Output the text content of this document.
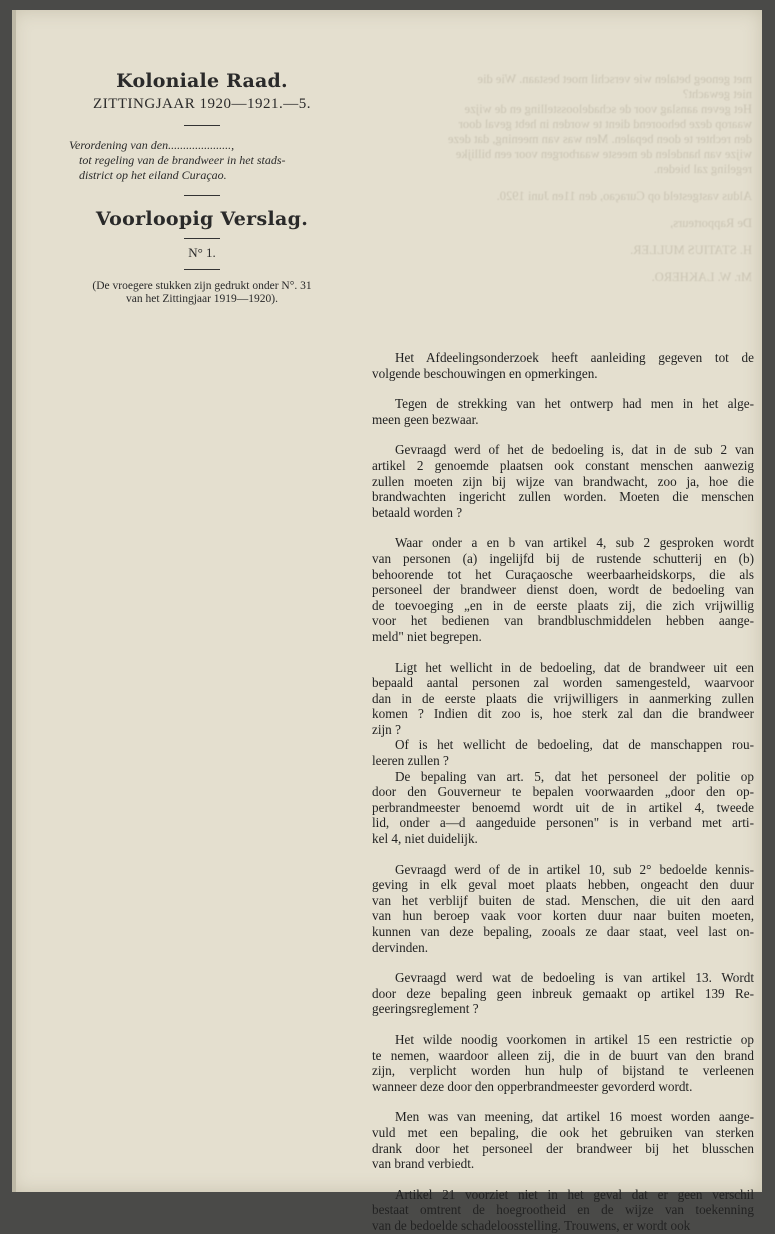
met genoeg betalen wie verschil moet bestaan. Wie die
niet gewacht?
Het geven aanslag voor de schadeloosstelling en de wijze
waarop deze behoorend dient te worden in hebt geval door
den rechter te doen bepalen. Men was van meening, dat deze
wijze van handelen de meeste waarborgen voor een billijke
regeling zal bieden.
Aldus vastgesteld op Curaçao, den 11en Juni 1920.
De Rapporteurs,
H. STATIUS MULLER.
Mr. W. LAKHERO.
Koloniale Raad.
ZITTINGJAAR 1920—1921.—5.
Verordening van den.....................,
tot regeling van de brandweer in het stads-
district op het eiland Curaçao.
Voorloopig Verslag.
N° 1.
(De vroegere stukken zijn gedrukt onder N°. 31
van het Zittingjaar 1919—1920).

Het Afdeelingsonderzoek heeft aanleiding gegeven tot de
volgende beschouwingen en opmerkingen.

Tegen de strekking van het ontwerp had men in het alge-
meen geen bezwaar.

Gevraagd werd of het de bedoeling is, dat in de sub 2 van
artikel 2 genoemde plaatsen ook constant menschen aanwezig
zullen moeten zijn bij wijze van brandwacht, zoo ja, hoe die
brandwachten ingericht zullen worden. Moeten die menschen
betaald worden ?

Waar onder a en b van artikel 4, sub 2 gesproken wordt
van personen (a) ingelijfd bij de rustende schutterij en (b)
behoorende tot het Curaçaosche weerbaarheidskorps, die als
personeel der brandweer dienst doen, wordt de bedoeling van
de toevoeging „en in de eerste plaats zij, die zich vrijwillig
voor het bedienen van brandbluschmiddelen hebben aange-
meld" niet begrepen.

Ligt het wellicht in de bedoeling, dat de brandweer uit een
bepaald aantal personen zal worden samengesteld, waarvoor
dan in de eerste plaats die vrijwilligers in aanmerking zullen
komen ? Indien dit zoo is, hoe sterk zal dan die brandweer
zijn ?

Of is het wellicht de bedoeling, dat de manschappen rou-
leeren zullen ?

De bepaling van art. 5, dat het personeel der politie op
door den Gouverneur te bepalen voorwaarden „door den op-
perbrandmeester benoemd wordt uit de in artikel 4, tweede
lid, onder a—d aangeduide personen" is in verband met arti-
kel 4, niet duidelijk.

Gevraagd werd of de in artikel 10, sub 2° bedoelde kennis-
geving in elk geval moet plaats hebben, ongeacht den duur
van het verblijf buiten de stad. Menschen, die uit den aard
van hun beroep vaak voor korten duur naar buiten moeten,
kunnen van deze bepaling, zooals ze daar staat, veel last on-
dervinden.

Gevraagd werd wat de bedoeling is van artikel 13. Wordt
door deze bepaling geen inbreuk gemaakt op artikel 139 Re-
geeringsreglement ?

Het wilde noodig voorkomen in artikel 15 een restrictie op
te nemen, waardoor alleen zij, die in de buurt van den brand
zijn, verplicht worden hun hulp of bijstand te verleenen
wanneer deze door den opperbrandmeester gevorderd wordt.

Men was van meening, dat artikel 16 moest worden aange-
vuld met een bepaling, die ook het gebruiken van sterken
drank door het personeel der brandweer bij het blusschen
van brand verbiedt.

Artikel 21 voorziet niet in het geval dat er geen verschil
bestaat omtrent de hoegrootheid en de wijze van toekenning
van de bedoelde schadeloosstelling. Trouwens, er wordt ook
